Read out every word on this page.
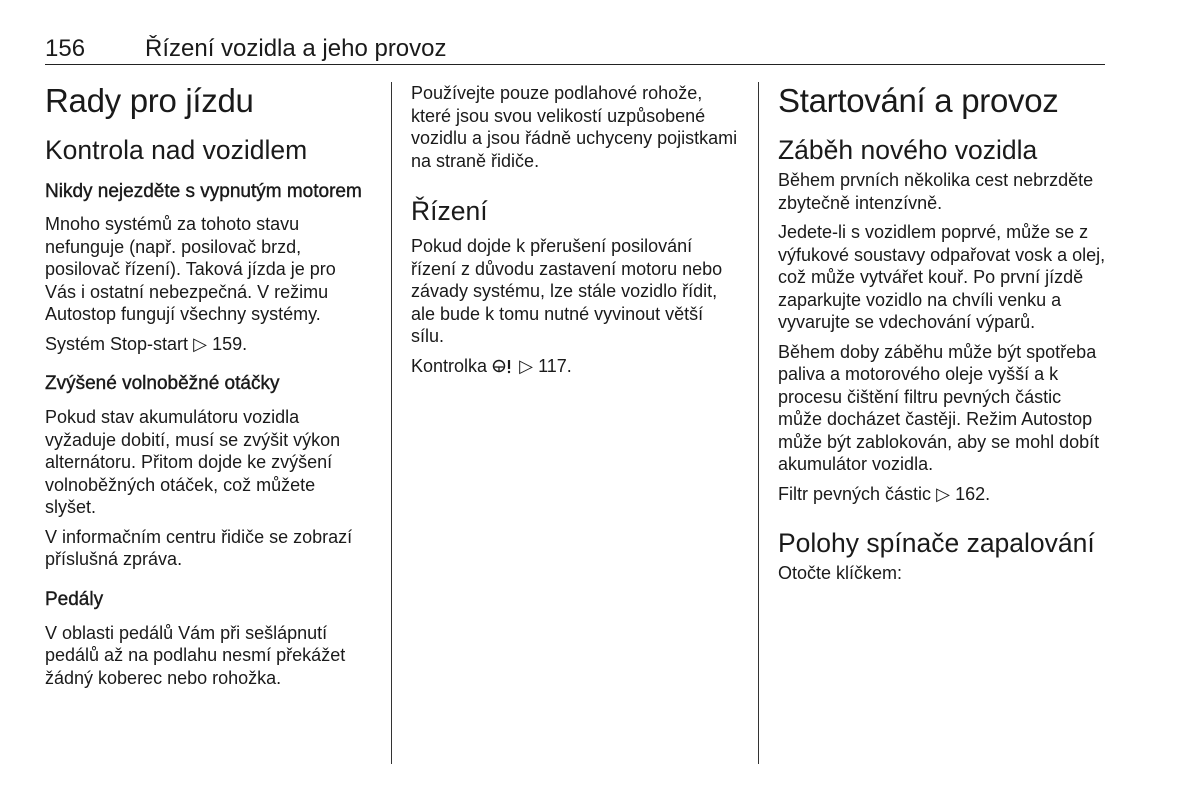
156 Řízení vozidla a jeho provoz
Rady pro jízdu
Kontrola nad vozidlem
Nikdy nejezděte s vypnutým motorem

Mnoho systémů za tohoto stavu nefunguje (např. posilovač brzd, posilovač řízení). Taková jízda je pro Vás i ostatní nebezpečná. V režimu Autostop fungují všechny systémy.

Systém Stop-start ▷ 159.

Zvýšené volnoběžné otáčky

Pokud stav akumulátoru vozidla vyžaduje dobití, musí se zvýšit výkon alternátoru. Přitom dojde ke zvýšení volnoběžných otáček, což můžete slyšet.

V informačním centru řidiče se zobrazí příslušná zpráva.

Pedály

V oblasti pedálů Vám při sešlápnutí pedálů až na podlahu nesmí překážet žádný koberec nebo rohožka.

Používejte pouze podlahové rohože, které jsou svou velikostí uzpůsobené vozidlu a jsou řádně uchyceny pojistkami na straně řidiče.

Řízení

Pokud dojde k přerušení posilování řízení z důvodu zastavení motoru nebo závady systému, lze stále vozidlo řídit, ale bude k tomu nutné vyvinout větší sílu.

Kontrolka ▷ 117.

Startování a provoz
Záběh nového vozidla

Během prvních několika cest nebrzděte zbytečně intenzívně.

Jedete-li s vozidlem poprvé, může se z výfukové soustavy odpařovat vosk a olej, což může vytvářet kouř. Po první jízdě zaparkujte vozidlo na chvíli venku a vyvarujte se vdechování výparů.

Během doby záběhu může být spotřeba paliva a motorového oleje vyšší a k procesu čištění filtru pevných částic může docházet častěji. Režim Autostop může být zablokován, aby se mohl dobít akumulátor vozidla.

Filtr pevných částic ▷ 162.

Polohy spínače zapalování

Otočte klíčkem:
